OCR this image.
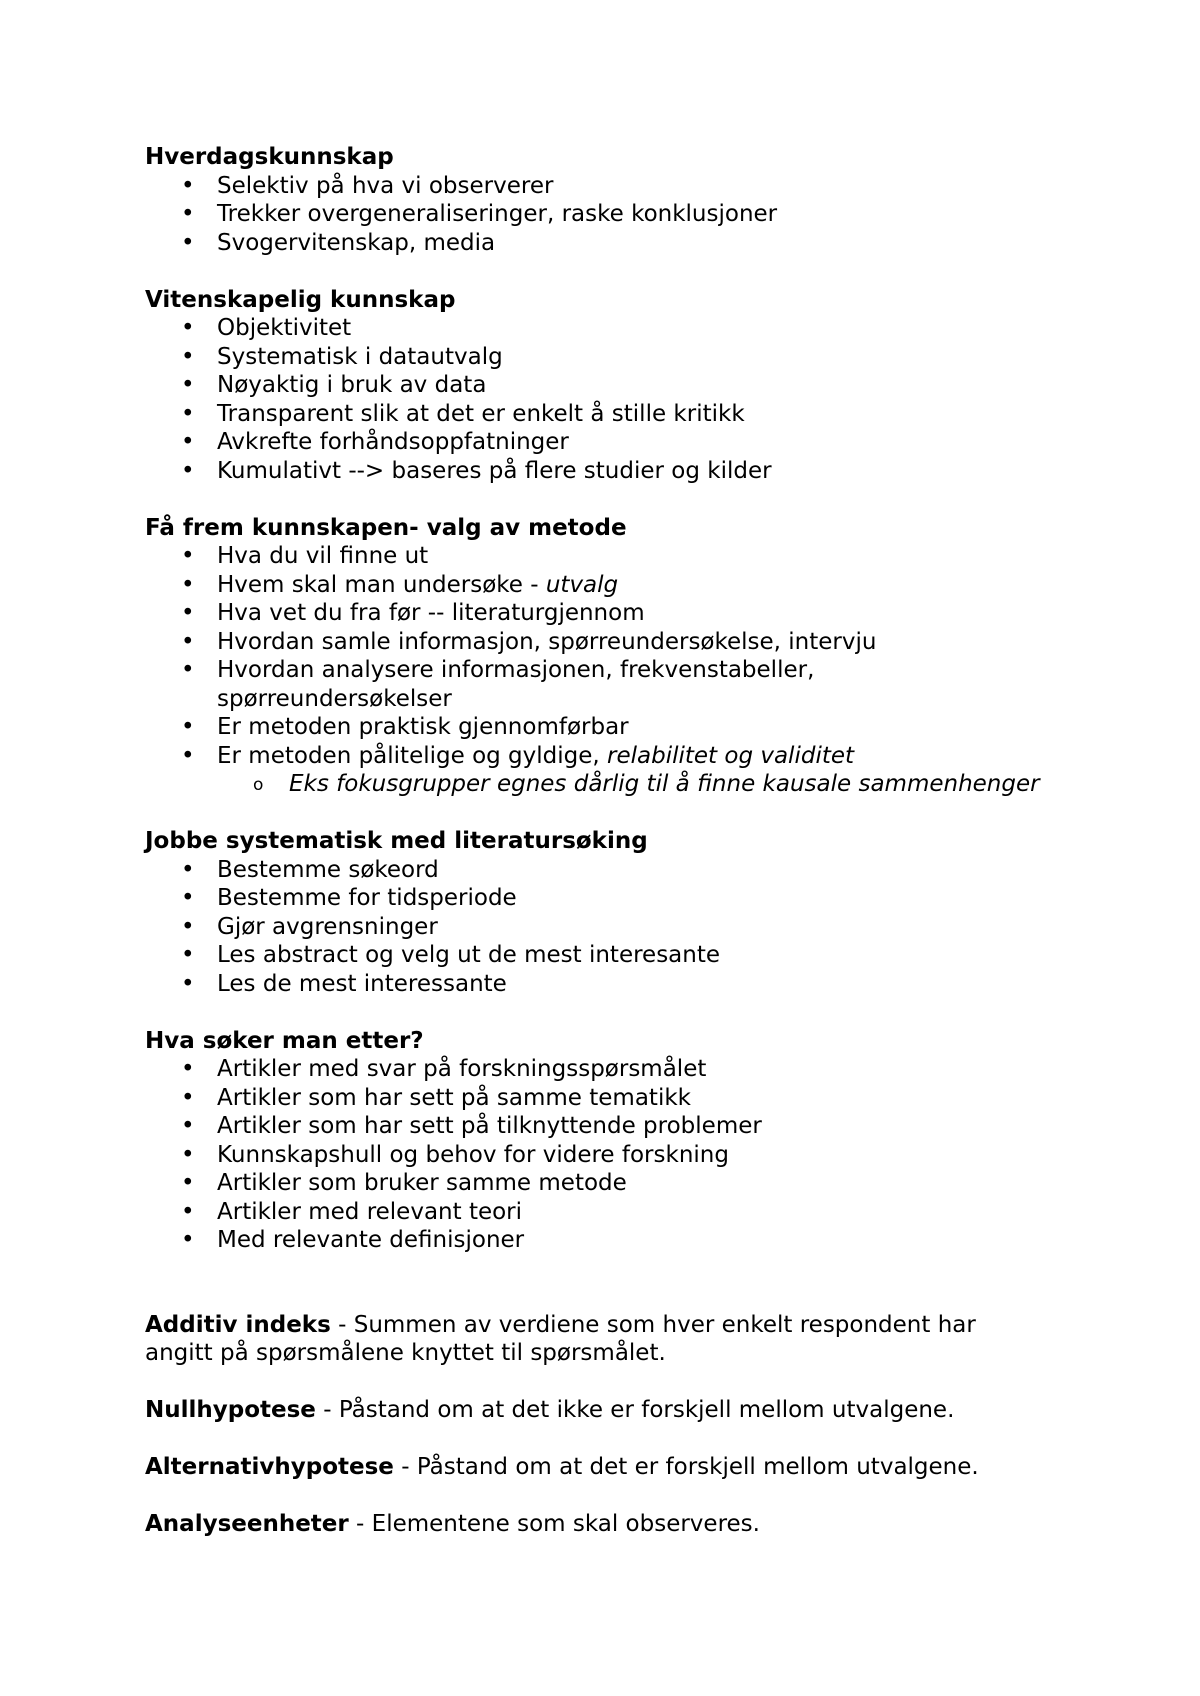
Hverdagskunnskap

• Selektiv på hva vi observerer
• Trekker overgeneraliseringer, raske konklusjoner
• Svogervitenskap, media

Vitenskapelig kunnskap

• Objektivitet
• Systematisk i datautvalg
• Nøyaktig i bruk av data
• Transparent slik at det er enkelt å stille kritikk
• Avkrefte forhåndsoppfatninger
• Kumulativt --> baseres på flere studier og kilder

Få frem kunnskapen- valg av metode

• Hva du vil finne ut
• Hvem skal man undersøke - utvalg
• Hva vet du fra før -- literaturgjennom
• Hvordan samle informasjon, spørreundersøkelse, intervju
• Hvordan analysere informasjonen, frekvenstabeller, spørreundersøkelser
• Er metoden praktisk gjennomførbar
• Er metoden pålitelige og gyldige, relabilitet og validitet
o Eks fokusgrupper egnes dårlig til å finne kausale sammenhenger

Jobbe systematisk med literatursøking

• Bestemme søkeord
• Bestemme for tidsperiode
• Gjør avgrensninger
• Les abstract og velg ut de mest interesante
• Les de mest interessante

Hva søker man etter?

• Artikler med svar på forskningsspørsmålet
• Artikler som har sett på samme tematikk
• Artikler som har sett på tilknyttende problemer
• Kunnskapshull og behov for videre forskning
• Artikler som bruker samme metode
• Artikler med relevant teori
• Med relevante definisjoner

Additiv indeks - Summen av verdiene som hver enkelt respondent har angitt på spørsmålene knyttet til spørsmålet.

Nullhypotese - Påstand om at det ikke er forskjell mellom utvalgene.

Alternativhypotese - Påstand om at det er forskjell mellom utvalgene.

Analyseenheter - Elementene som skal observeres.
